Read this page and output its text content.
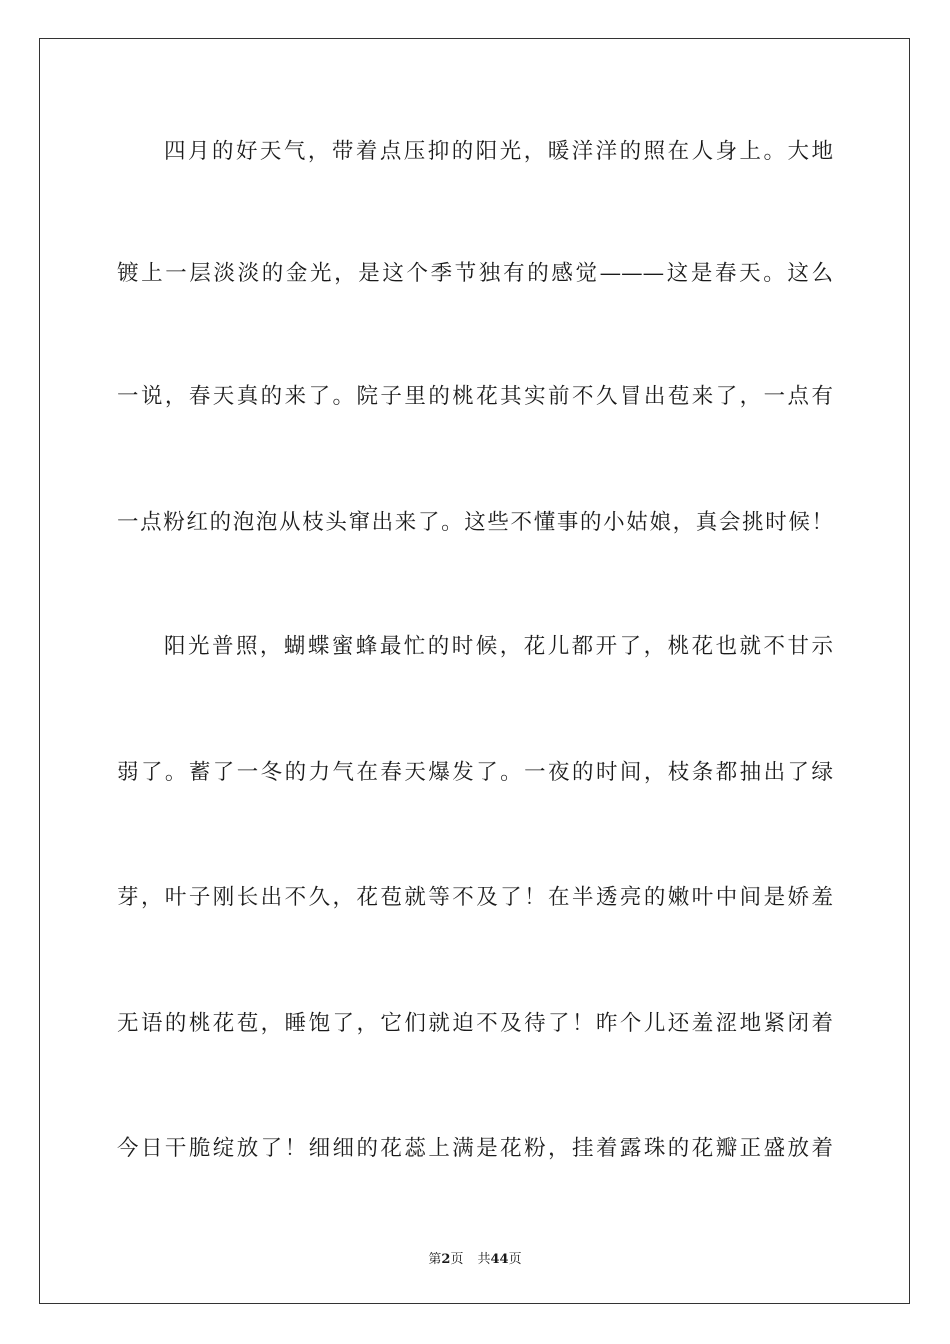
四月的好天气，带着点压抑的阳光，暖洋洋的照在人身上。大地
镀上一层淡淡的金光，是这个季节独有的感觉———这是春天。这么
一说，春天真的来了。院子里的桃花其实前不久冒出苞来了，一点有
一点粉红的泡泡从枝头窜出来了。这些不懂事的小姑娘，真会挑时候！
阳光普照，蝴蝶蜜蜂最忙的时候，花儿都开了，桃花也就不甘示
弱了。蓄了一冬的力气在春天爆发了。一夜的时间，枝条都抽出了绿
芽，叶子刚长出不久，花苞就等不及了！在半透亮的嫩叶中间是娇羞
无语的桃花苞，睡饱了，它们就迫不及待了！昨个儿还羞涩地紧闭着
今日干脆绽放了！细细的花蕊上满是花粉，挂着露珠的花瓣正盛放着
第2页 共44页
